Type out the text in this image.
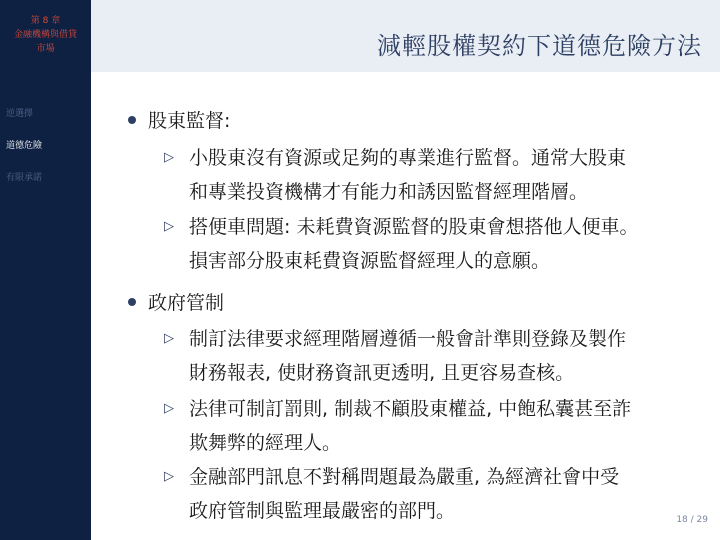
第 8 章
金融機構與借貸
市場
逆選擇
道德危險
有限承諾
減輕股權契約下道德危險方法
股東監督:
▷ 小股東沒有資源或足夠的專業進行監督。通常大股東
和專業投資機構才有能力和誘因監督經理階層。
▷ 搭便車問題: 未耗費資源監督的股東會想搭他人便車。
損害部分股東耗費資源監督經理人的意願。
政府管制
▷ 制訂法律要求經理階層遵循一般會計準則登錄及製作
財務報表, 使財務資訊更透明, 且更容易查核。
▷ 法律可制訂罰則, 制裁不顧股東權益, 中飽私囊甚至詐
欺舞弊的經理人。
▷ 金融部門訊息不對稱問題最為嚴重, 為經濟社會中受
政府管制與監理最嚴密的部門。	18 / 29
